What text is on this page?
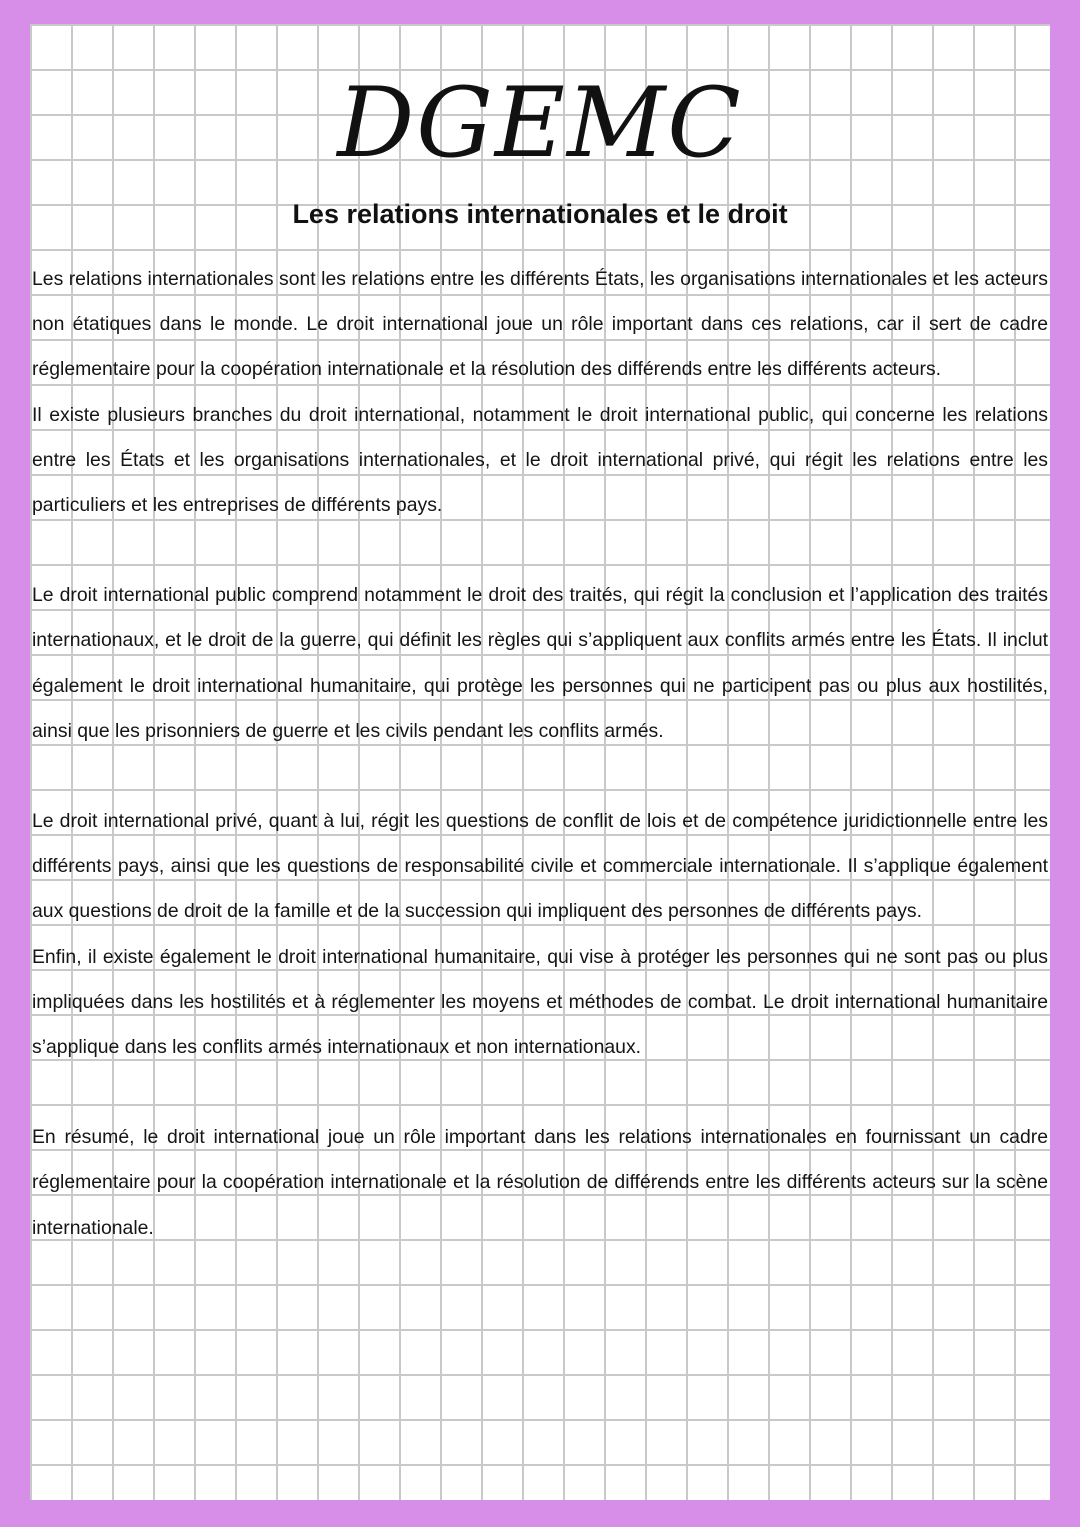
DGEMC
Les relations internationales et le droit

Les relations internationales sont les relations entre les différents États, les organisations internationales et les acteurs non étatiques dans le monde. Le droit international joue un rôle important dans ces relations, car il sert de cadre réglementaire pour la coopération internationale et la résolution des différends entre les différents acteurs.

Il existe plusieurs branches du droit international, notamment le droit international public, qui concerne les relations entre les États et les organisations internationales, et le droit international privé, qui régit les relations entre les particuliers et les entreprises de différents pays.

Le droit international public comprend notamment le droit des traités, qui régit la conclusion et l’application des traités internationaux, et le droit de la guerre, qui définit les règles qui s’appliquent aux conflits armés entre les États. Il inclut également le droit international humanitaire, qui protège les personnes qui ne participent pas ou plus aux hostilités, ainsi que les prisonniers de guerre et les civils pendant les conflits armés.

Le droit international privé, quant à lui, régit les questions de conflit de lois et de compétence juridictionnelle entre les différents pays, ainsi que les questions de responsabilité civile et commerciale internationale. Il s’applique également aux questions de droit de la famille et de la succession qui impliquent des personnes de différents pays.

Enfin, il existe également le droit international humanitaire, qui vise à protéger les personnes qui ne sont pas ou plus impliquées dans les hostilités et à réglementer les moyens et méthodes de combat. Le droit international humanitaire s’applique dans les conflits armés internationaux et non internationaux.

En résumé, le droit international joue un rôle important dans les relations internationales en fournissant un cadre réglementaire pour la coopération internationale et la résolution de différends entre les différents acteurs sur la scène internationale.
